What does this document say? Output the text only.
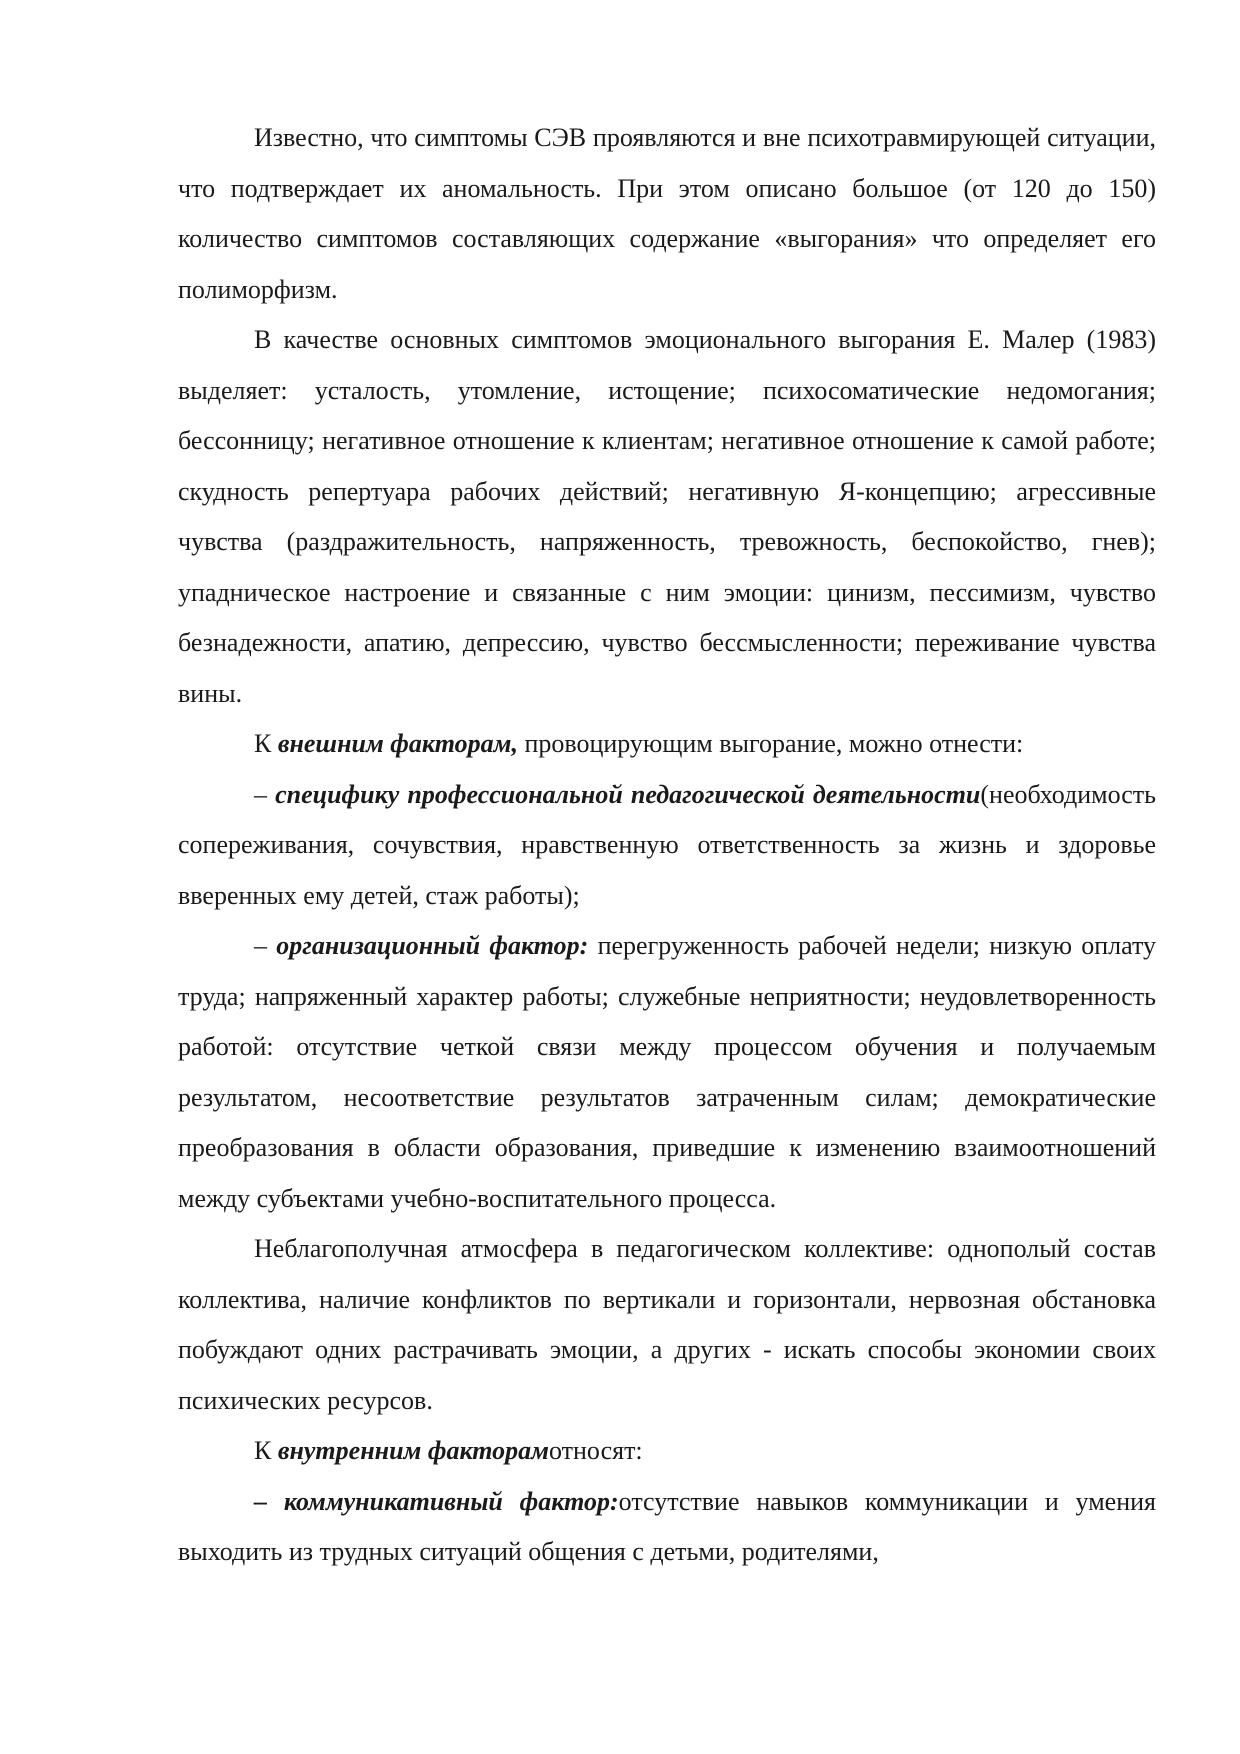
Известно, что симптомы СЭВ проявляются и вне психотравмирующей ситуации, что подтверждает их аномальность. При этом описано большое (от 120 до 150) количество симптомов составляющих содержание «выгорания» что определяет его полиморфизм.

В качестве основных симптомов эмоционального выгорания Е. Малер (1983) выделяет: усталость, утомление, истощение; психосоматические недомогания; бессонницу; негативное отношение к клиентам; негативное отношение к самой работе; скудность репертуара рабочих действий; негативную Я-концепцию; агрессивные чувства (раздражительность, напряженность, тревожность, беспокойство, гнев); упадническое настроение и связанные с ним эмоции: цинизм, пессимизм, чувство безнадежности, апатию, депрессию, чувство бессмысленности; переживание чувства вины.

К внешним факторам, провоцирующим выгорание, можно отнести:

– специфику профессиональной педагогической деятельности(необходимость сопереживания, сочувствия, нравственную ответственность за жизнь и здоровье вверенных ему детей, стаж работы);

– организационный фактор: перегруженность рабочей недели; низкую оплату труда; напряженный характер работы; служебные неприятности; неудовлетворенность работой: отсутствие четкой связи между процессом обучения и получаемым результатом, несоответствие результатов затраченным силам; демократические преобразования в области образования, приведшие к изменению взаимоотношений между субъектами учебно-воспитательного процесса.

Неблагополучная атмосфера в педагогическом коллективе: однополый состав коллектива, наличие конфликтов по вертикали и горизонтали, нервозная обстановка побуждают одних растрачивать эмоции, а других - искать способы экономии своих психических ресурсов.

К внутренним факторамотносят:

– коммуникативный фактор:отсутствие навыков коммуникации и умения выходить из трудных ситуаций общения с детьми, родителями,
